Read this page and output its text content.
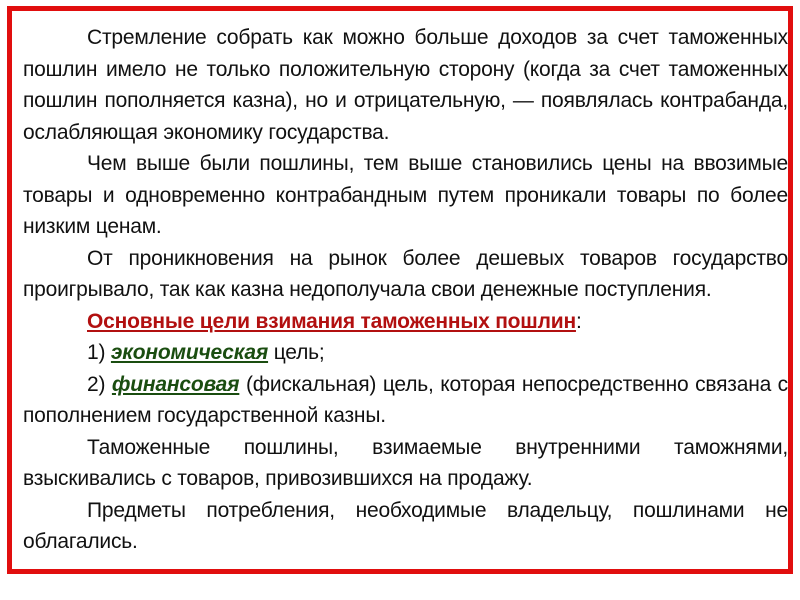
Стремление собрать как можно больше доходов за счет таможенных пошлин имело не только положительную сторону (когда за счет таможенных пошлин пополняется казна), но и отрицательную, — появлялась контрабанда, ослабляющая экономику государства.

Чем выше были пошлины, тем выше становились цены на ввозимые товары и одновременно контрабандным путем проникали товары по более низким ценам.

От проникновения на рынок более дешевых товаров государство проигрывало, так как казна недополучала свои денежные поступления.

Основные цели взимания таможенных пошлин:

1) экономическая цель;

2) финансовая (фискальная) цель, которая непосредственно связана с пополнением государственной казны.

Таможенные пошлины, взимаемые внутренними таможнями, взыскивались с товаров, привозившихся на продажу.

Предметы потребления, необходимые владельцу, пошлинами не облагались.
